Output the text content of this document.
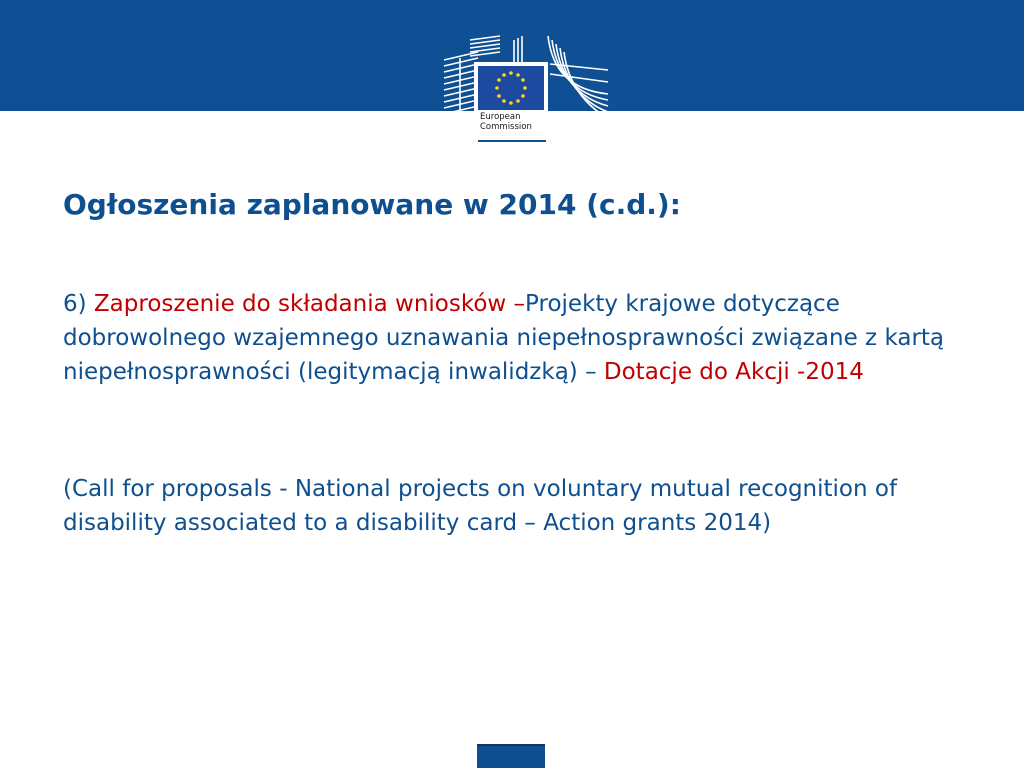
European
Commission
Ogłoszenia zaplanowane w 2014 (c.d.):

6) Zaproszenie do składania wniosków –Projekty krajowe dotyczące dobrowolnego wzajemnego uznawania niepełnosprawności związane z kartą niepełnosprawności (legitymacją inwalidzką) – Dotacje do Akcji -2014

(Call for proposals - National projects on voluntary mutual recognition of disability associated to a disability card – Action grants 2014)
